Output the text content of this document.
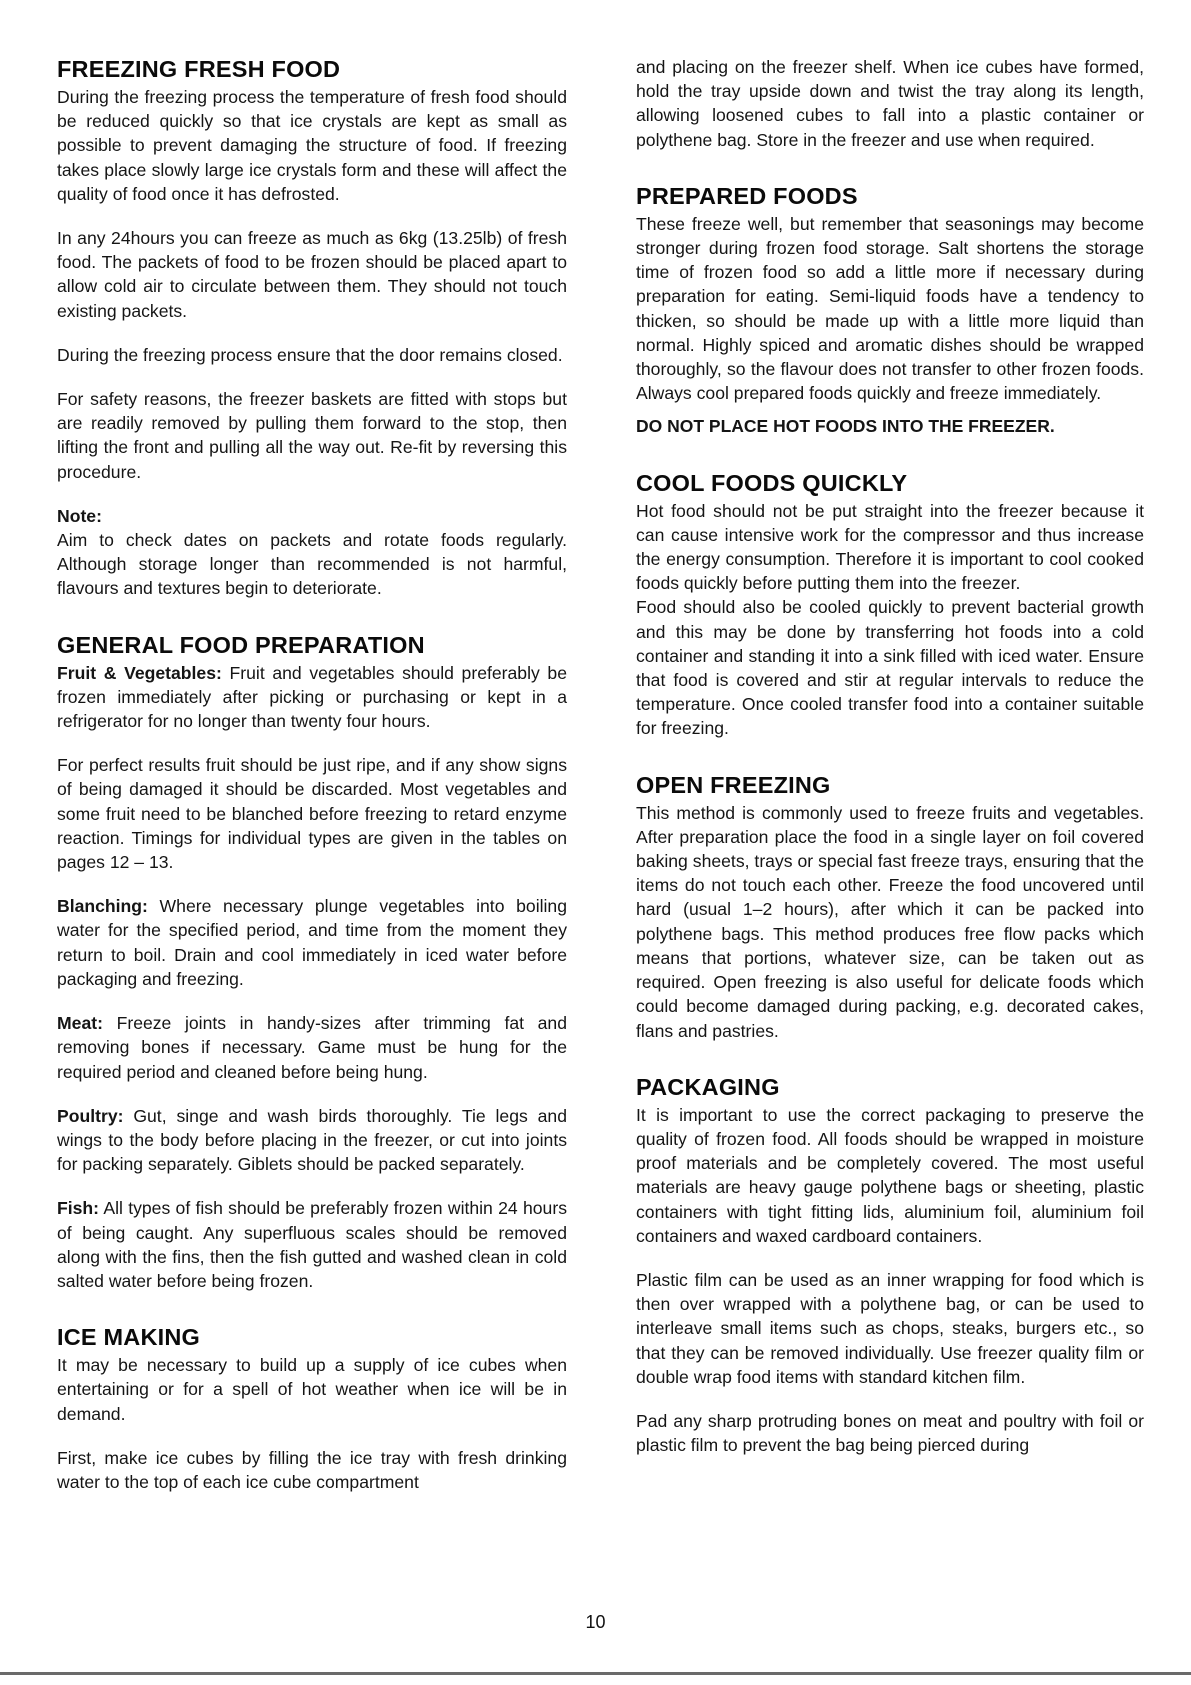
FREEZING FRESH FOOD

During the freezing process the temperature of fresh food should be reduced quickly so that ice crystals are kept as small as possible to prevent damaging the structure of food. If freezing takes place slowly large ice crystals form and these will affect the quality of food once it has defrosted.

In any 24hours you can freeze as much as 6kg (13.25lb) of fresh food. The packets of food to be frozen should be placed apart to allow cold air to circulate between them. They should not touch existing packets.

During the freezing process ensure that the door remains closed.

For safety reasons, the freezer baskets are fitted with stops but are readily removed by pulling them forward to the stop, then lifting the front and pulling all the way out. Re-fit by reversing this procedure.

Note:

Aim to check dates on packets and rotate foods regularly. Although storage longer than recommended is not harmful, flavours and textures begin to deteriorate.

GENERAL FOOD PREPARATION

Fruit & Vegetables: Fruit and vegetables should preferably be frozen immediately after picking or purchasing or kept in a refrigerator for no longer than twenty four hours.

For perfect results fruit should be just ripe, and if any show signs of being damaged it should be discarded. Most vegetables and some fruit need to be blanched before freezing to retard enzyme reaction. Timings for individual types are given in the tables on pages 12 – 13.

Blanching: Where necessary plunge vegetables into boiling water for the specified period, and time from the moment they return to boil. Drain and cool immediately in iced water before packaging and freezing.

Meat: Freeze joints in handy-sizes after trimming fat and removing bones if necessary. Game must be hung for the required period and cleaned before being hung.

Poultry: Gut, singe and wash birds thoroughly. Tie legs and wings to the body before placing in the freezer, or cut into joints for packing separately. Giblets should be packed separately.

Fish: All types of fish should be preferably frozen within 24 hours of being caught. Any superfluous scales should be removed along with the fins, then the fish gutted and washed clean in cold salted water before being frozen.

ICE MAKING

It may be necessary to build up a supply of ice cubes when entertaining or for a spell of hot weather when ice will be in demand.

First, make ice cubes by filling the ice tray with fresh drinking water to the top of each ice cube compartment

and placing on the freezer shelf. When ice cubes have formed, hold the tray upside down and twist the tray along its length, allowing loosened cubes to fall into a plastic container or polythene bag. Store in the freezer and use when required.

PREPARED FOODS

These freeze well, but remember that seasonings may become stronger during frozen food storage. Salt shortens the storage time of frozen food so add a little more if necessary during preparation for eating. Semi-liquid foods have a tendency to thicken, so should be made up with a little more liquid than normal. Highly spiced and aromatic dishes should be wrapped thoroughly, so the flavour does not transfer to other frozen foods. Always cool prepared foods quickly and freeze immediately.

DO NOT PLACE HOT FOODS INTO THE FREEZER.

COOL FOODS QUICKLY

Hot food should not be put straight into the freezer because it can cause intensive work for the compressor and thus increase the energy consumption. Therefore it is important to cool cooked foods quickly before putting them into the freezer.

Food should also be cooled quickly to prevent bacterial growth and this may be done by transferring hot foods into a cold container and standing it into a sink filled with iced water. Ensure that food is covered and stir at regular intervals to reduce the temperature. Once cooled transfer food into a container suitable for freezing.

OPEN FREEZING

This method is commonly used to freeze fruits and vegetables. After preparation place the food in a single layer on foil covered baking sheets, trays or special fast freeze trays, ensuring that the items do not touch each other. Freeze the food uncovered until hard (usual 1–2 hours), after which it can be packed into polythene bags. This method produces free flow packs which means that portions, whatever size, can be taken out as required. Open freezing is also useful for delicate foods which could become damaged during packing, e.g. decorated cakes, flans and pastries.

PACKAGING

It is important to use the correct packaging to preserve the quality of frozen food. All foods should be wrapped in moisture proof materials and be completely covered. The most useful materials are heavy gauge polythene bags or sheeting, plastic containers with tight fitting lids, aluminium foil, aluminium foil containers and waxed cardboard containers.

Plastic film can be used as an inner wrapping for food which is then over wrapped with a polythene bag, or can be used to interleave small items such as chops, steaks, burgers etc., so that they can be removed individually. Use freezer quality film or double wrap food items with standard kitchen film.

Pad any sharp protruding bones on meat and poultry with foil or plastic film to prevent the bag being pierced during

10
